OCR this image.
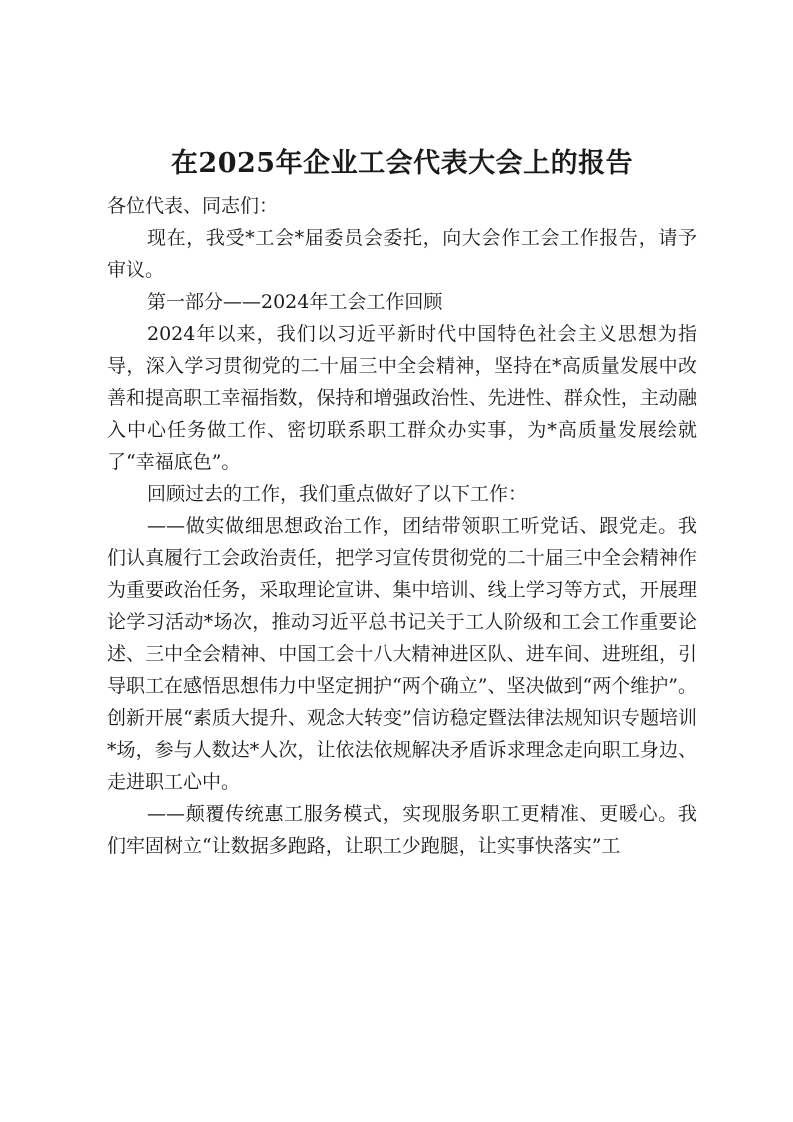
在2025年企业工会代表大会上的报告

各位代表、同志们：

现在，我受*工会*届委员会委托，向大会作工会工作报告，请予审议。

第一部分——2024年工会工作回顾

2024年以来，我们以习近平新时代中国特色社会主义思想为指导，深入学习贯彻党的二十届三中全会精神，坚持在*高质量发展中改善和提高职工幸福指数，保持和增强政治性、先进性、群众性，主动融入中心任务做工作、密切联系职工群众办实事，为*高质量发展绘就了“幸福底色”。

回顾过去的工作，我们重点做好了以下工作：

——做实做细思想政治工作，团结带领职工听党话、跟党走。我们认真履行工会政治责任，把学习宣传贯彻党的二十届三中全会精神作为重要政治任务，采取理论宣讲、集中培训、线上学习等方式，开展理论学习活动*场次，推动习近平总书记关于工人阶级和工会工作重要论述、三中全会精神、中国工会十八大精神进区队、进车间、进班组，引导职工在感悟思想伟力中坚定拥护“两个确立”、坚决做到“两个维护”。创新开展“素质大提升、观念大转变”信访稳定暨法律法规知识专题培训*场，参与人数达*人次，让依法依规解决矛盾诉求理念走向职工身边、走进职工心中。

——颠覆传统惠工服务模式，实现服务职工更精准、更暖心。我们牢固树立“让数据多跑路，让职工少跑腿，让实事快落实”工
